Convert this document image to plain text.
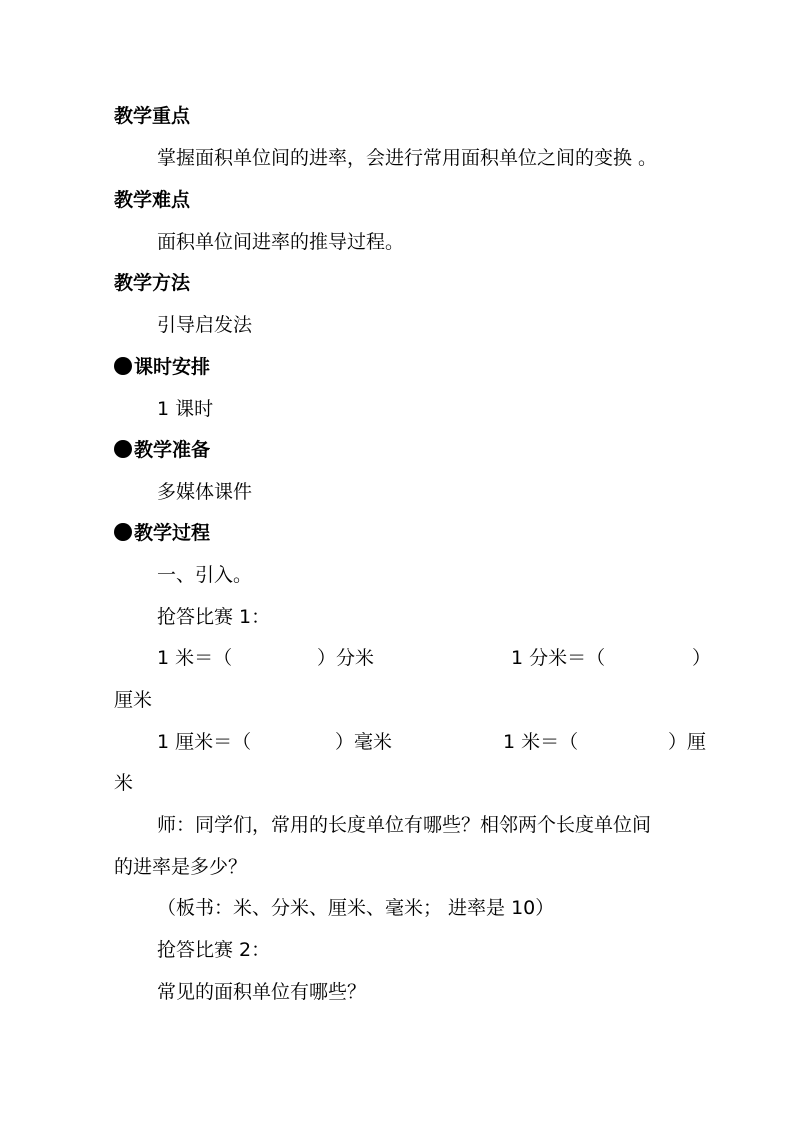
教学重点
掌握面积单位间的进率，会进行常用面积单位之间的变换 。
教学难点
面积单位间进率的推导过程。
教学方法
引导启发法
课时安排
1 课时
教学准备
多媒体课件
教学过程
一、引入。
抢答比赛 1：
1 米＝（	）分米	1 分米＝（	）
厘米
1 厘米＝（	）毫米	1 米＝（	）厘
米
师：同学们，常用的长度单位有哪些？相邻两个长度单位间
的进率是多少？
（板书：米、分米、厘米、毫米； 进率是 10）
抢答比赛 2：
常见的面积单位有哪些？
